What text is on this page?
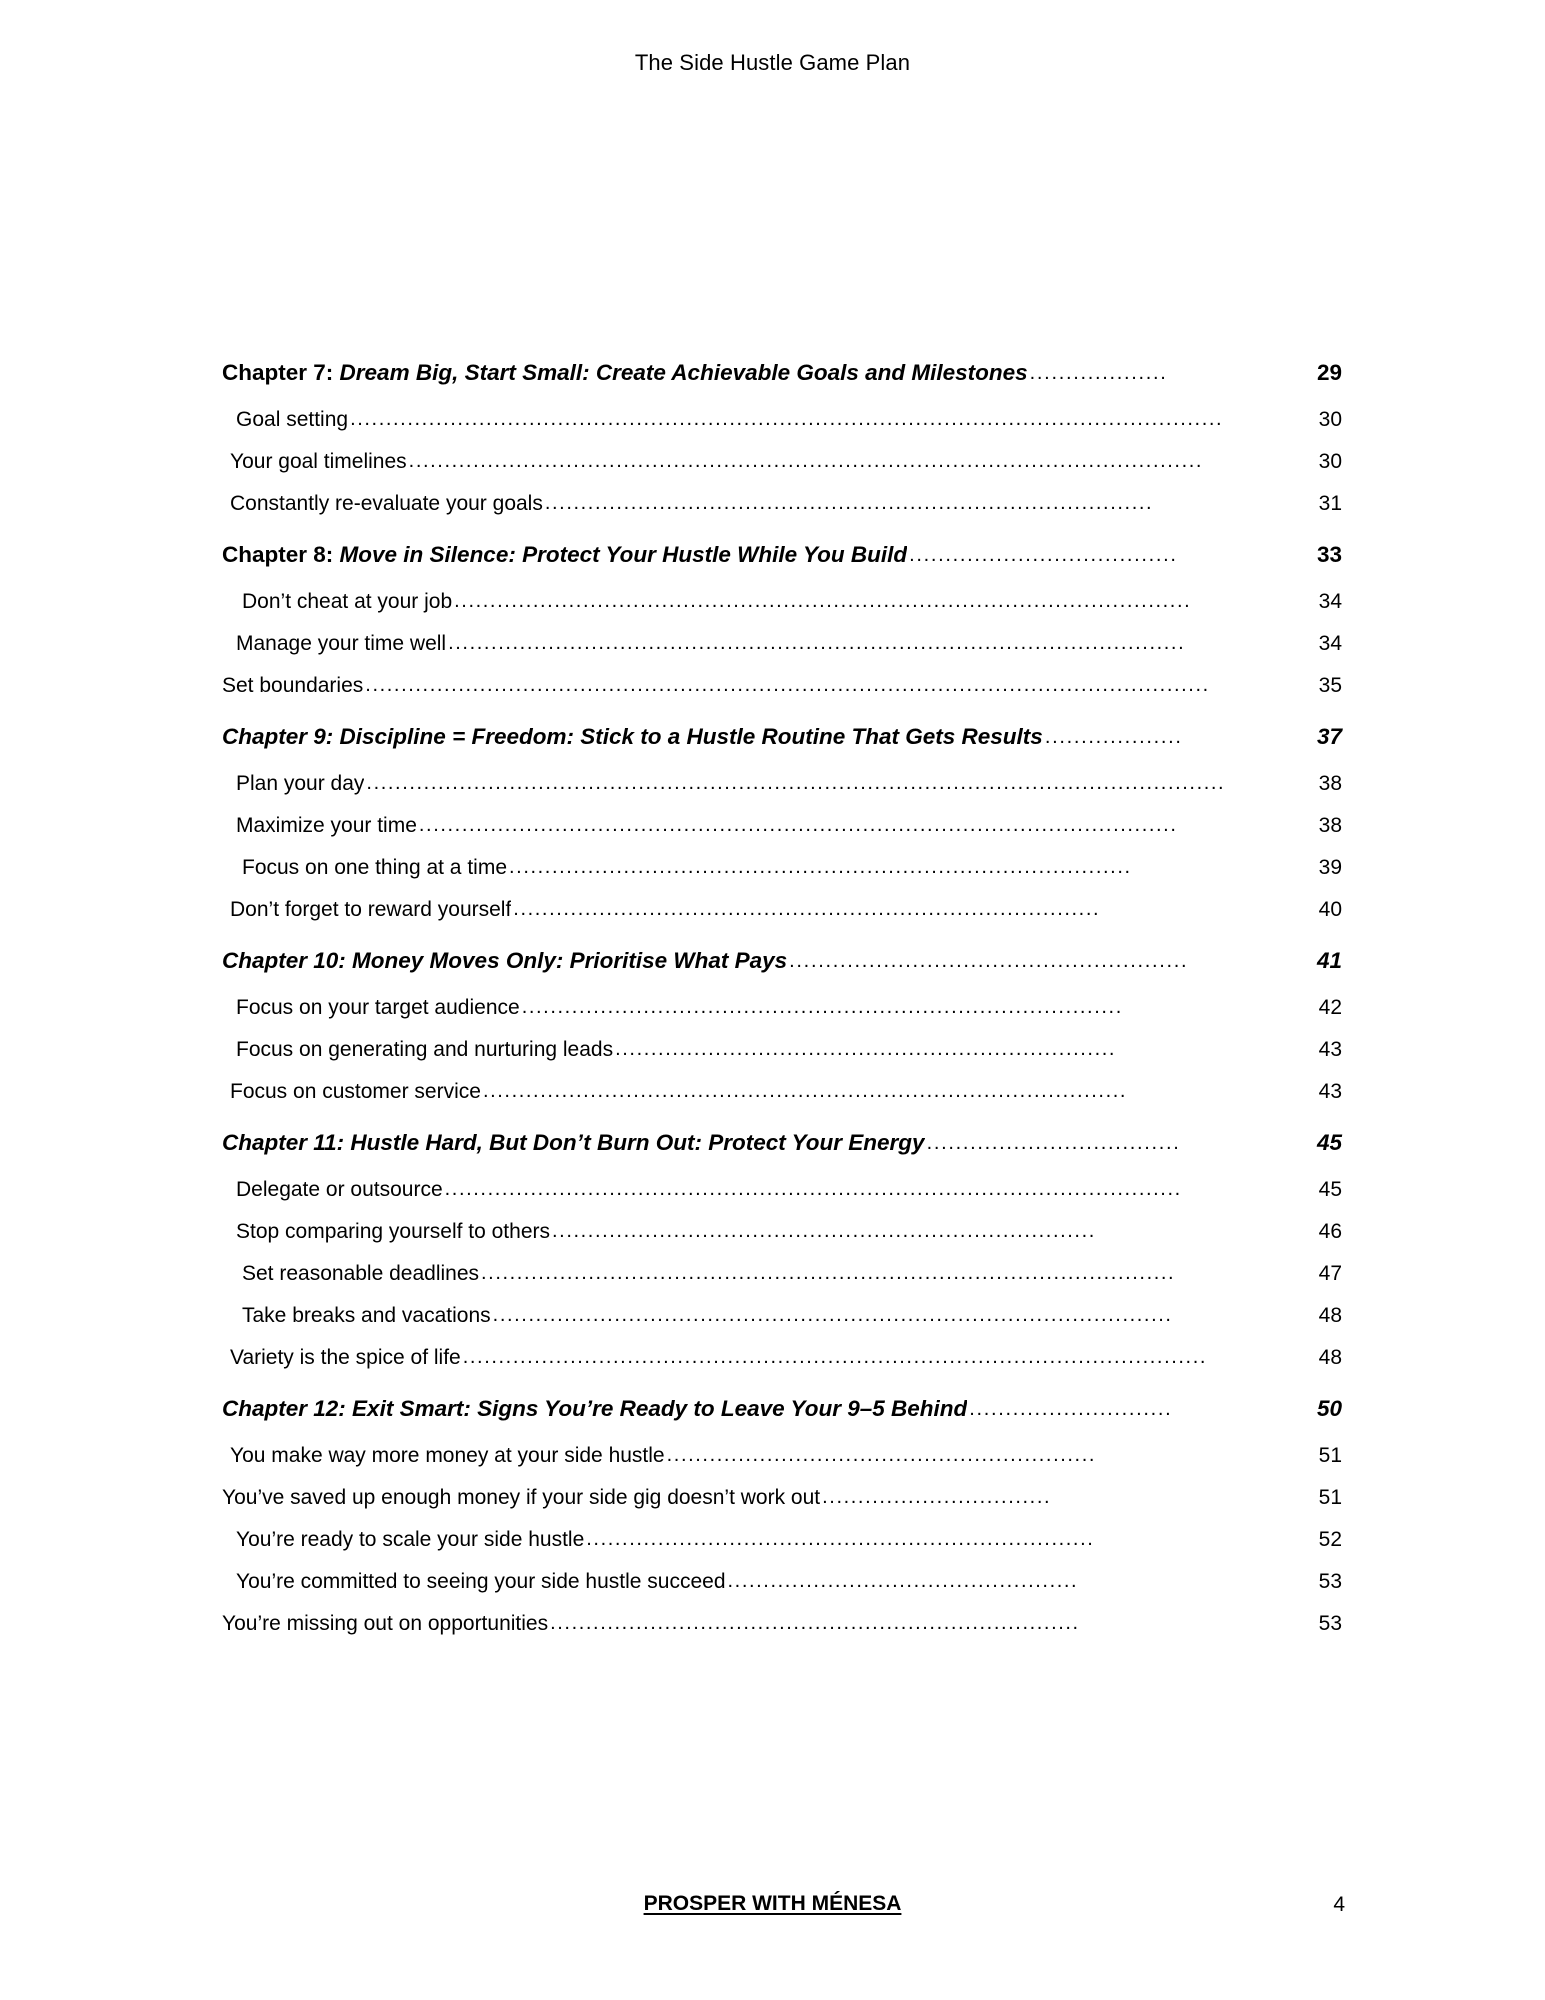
The Side Hustle Game Plan
Chapter 7: Dream Big, Start Small: Create Achievable Goals and Milestones ...................	29
Goal setting ..........................................................................................................................	30
Your goal timelines ...............................................................................................................	30
Constantly re-evaluate your goals .....................................................................................	31
Chapter 8: Move in Silence: Protect Your Hustle While You Build .....................................	33
Don’t cheat at your job .......................................................................................................	34
Manage your time well .......................................................................................................	34
Set boundaries ......................................................................................................................	35
Chapter 9: Discipline = Freedom: Stick to a Hustle Routine That Gets Results ...................	37
Plan your day ........................................................................................................................	38
Maximize your time ..........................................................................................................	38
Focus on one thing at a time .......................................................................................	39
Don’t forget to reward yourself ..................................................................................	40
Chapter 10: Money Moves Only: Prioritise What Pays .......................................................	41
Focus on your target audience ....................................................................................	42
Focus on generating and nurturing leads ......................................................................	43
Focus on customer service ..........................................................................................	43
Chapter 11: Hustle Hard, But Don’t Burn Out: Protect Your Energy ...................................	45
Delegate or outsource .......................................................................................................	45
Stop comparing yourself to others ............................................................................	46
Set reasonable deadlines .................................................................................................	47
Take breaks and vacations ...............................................................................................	48
Variety is the spice of life ........................................................................................................	48
Chapter 12: Exit Smart: Signs You’re Ready to Leave Your 9–5 Behind ............................	50
You make way more money at your side hustle ............................................................	51
You’ve saved up enough money if your side gig doesn’t work out ................................	51
You’re ready to scale your side hustle .......................................................................	52
You’re committed to seeing your side hustle succeed .................................................	53
You’re missing out on opportunities ..........................................................................	53
PROSPER WITH MÉNESA	4
